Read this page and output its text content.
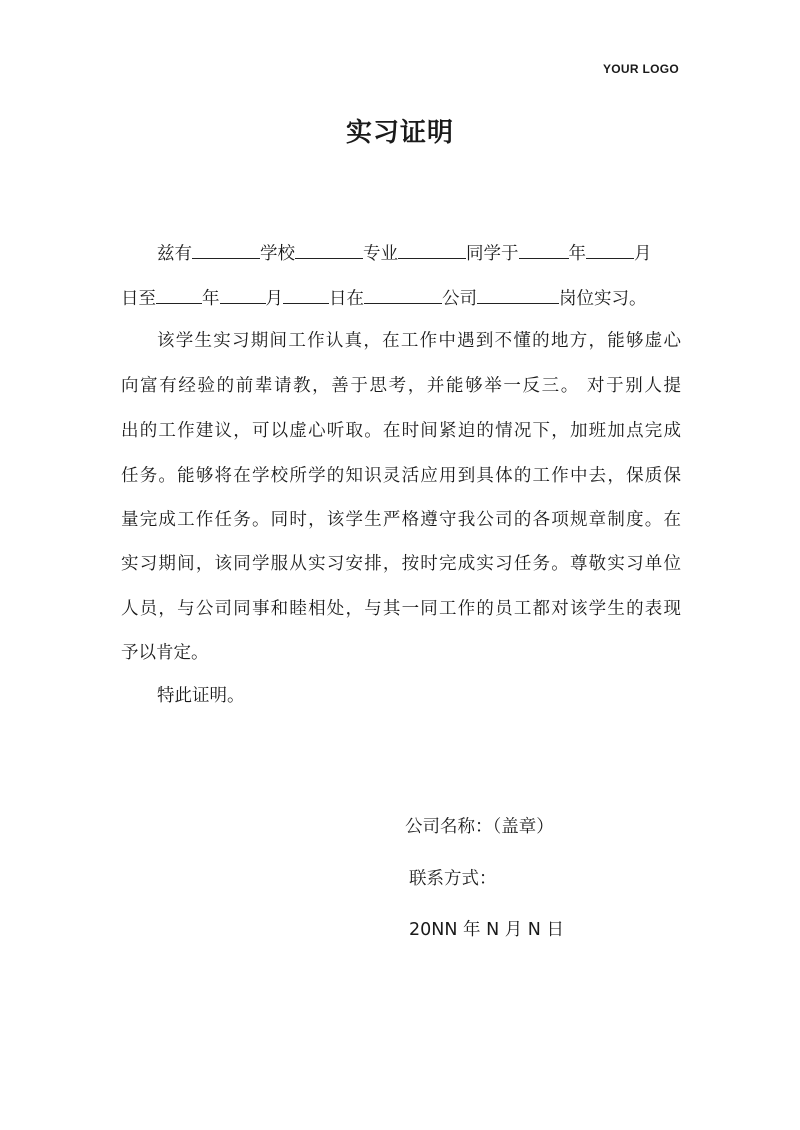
YOUR LOGO
实习证明
兹有	学校	专业	同学于	年	月
日至	年	月	日在	公司	岗位实习。
该学生实习期间工作认真，在工作中遇到不懂的地方，能够虚心
向富有经验的前辈请教，善于思考，并能够举一反三。 对于别人提
出的工作建议，可以虚心听取。在时间紧迫的情况下，加班加点完成
任务。能够将在学校所学的知识灵活应用到具体的工作中去，保质保
量完成工作任务。同时，该学生严格遵守我公司的各项规章制度。在
实习期间，该同学服从实习安排，按时完成实习任务。尊敬实习单位
人员，与公司同事和睦相处，与其一同工作的员工都对该学生的表现
予以肯定。
特此证明。
公司名称：（盖章）
联系方式：
20NN 年 N 月 N 日
